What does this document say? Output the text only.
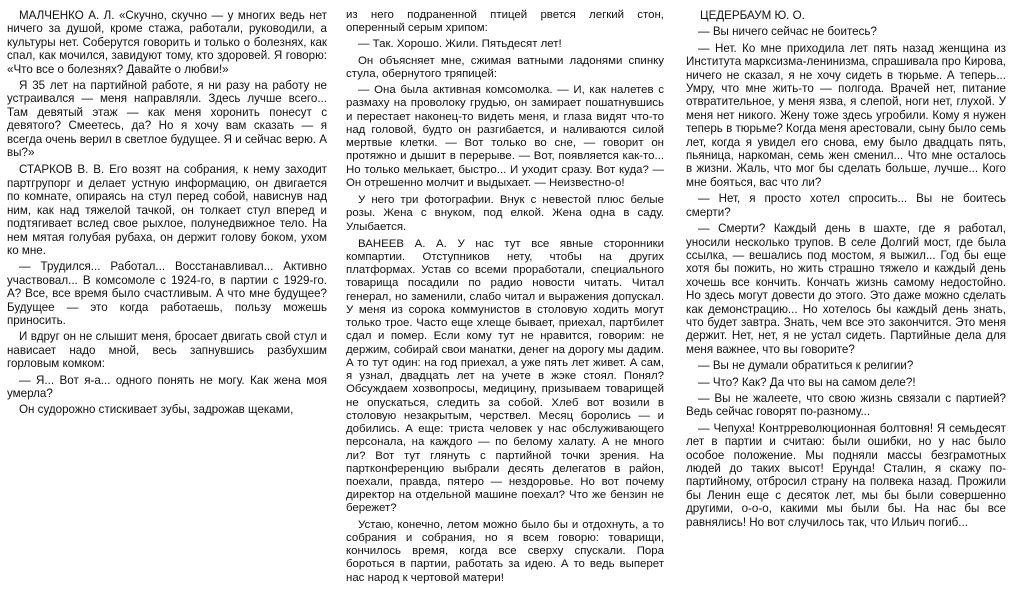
МАЛЧЕНКО А. Л. «Скучно, скучно — у многих ведь нет ничего за душой, кроме стажа, работали, руководили, а культуры нет. Соберутся говорить и только о болезнях, как спал, как мочился, завидуют тому, кто здоровей. Я говорю: «Что все о болезнях? Давайте о любви!»

Я 35 лет на партийной работе, я ни разу на работу не устраивался — меня направляли. Здесь лучше всего... Там девятый этаж — как меня хоронить понесут с девятого? Смеетесь, да? Но я хочу вам сказать — я всегда очень верил в светлое будущее. Я и сейчас верю. А вы?»

СТАРКОВ В. В. Его возят на собрания, к нему заходит партгрупорг и делает устную информацию, он двигается по комнате, опираясь на стул перед собой, нависнув над ним, как над тяжелой тачкой, он толкает стул вперед и подтягивает вслед свое рыхлое, полунедвижное тело. На нем мятая голубая рубаха, он держит голову боком, ухом ко мне.

— Трудился... Работал... Восстанавливал... Активно участвовал... В комсомоле с 1924-го, в партии с 1929-го. А? Все, все время было счастливым. А что мне будущее? Будущее — это когда работаешь, пользу можешь приносить.

И вдруг он не слышит меня, бросает двигать свой стул и нависает надо мной, весь запнувшись разбухшим горловым комком:

— Я... Вот я-а... одного понять не могу. Как жена моя умерла?

Он судорожно стискивает зубы, задрожав щеками,

из него подраненной птицей рвется легкий стон, оперенный серым хрипом:

— Так. Хорошо. Жили. Пятьдесят лет!

Он объясняет мне, сжимая ватными ладонями спинку стула, обернутого тряпицей:

— Она была активная комсомолка. — И, как налетев с размаху на проволоку грудью, он замирает пошатнувшись и перестает наконец-то видеть меня, и глаза видят что-то над головой, будто он разгибается, и наливаются силой мертвые клетки. — Вот только во сне, — говорит он протяжно и дышит в перерыве. — Вот, появляется как-то... Но только мелькает, быстро... И уходит сразу. Вот куда? — Он отрешенно молчит и выдыхает. — Неизвестно-о!

У него три фотографии. Внук с невестой плюс белые розы. Жена с внуком, под елкой. Жена одна в саду. Улыбается.

ВАНЕЕВ А. А. У нас тут все явные сторонники компартии. Отступников нету, чтобы на других платформах. Устав со всеми проработали, специального товарища посадили по радио новости читать. Читал генерал, но заменили, слабо читал и выражения допускал. У меня из сорока коммунистов в столовую ходить могут только трое. Часто еще хлеще бывает, приехал, партбилет сдал и помер. Если кому тут не нравится, говорим: не держим, собирай свои манатки, денег на дорогу мы дадим. А то тут один: на год приехал, а уже пять лет живет. А сам, я узнал, двадцать лет на учете в жэке стоял. Понял? Обсуждаем хозвопросы, медицину, призываем товарищей не опускаться, следить за собой. Хлеб вот возили в столовую незакрытым, черствел. Месяц боролись — и добились. А еще: триста человек у нас обслуживающего персонала, на каждого — по белому халату. А не много ли? Вот тут глянуть с партийной точки зрения. На партконференцию выбрали десять делегатов в район, поехали, правда, пятеро — нездоровье. Но вот почему директор на отдельной машине поехал? Что же бензин не бережет?

Устаю, конечно, летом можно было бы и отдохнуть, а то собрания и собрания, но я всем говорю: товарищи, кончилось время, когда все сверху спускали. Пора бороться в партии, работать за идею. А то ведь выперет нас народ к чертовой матери!

ЦЕДЕРБАУМ Ю. О.

— Вы ничего сейчас не боитесь?

— Нет. Ко мне приходила лет пять назад женщина из Института марксизма-ленинизма, спрашивала про Кирова, ничего не сказал, я не хочу сидеть в тюрьме. А теперь... Умру, что мне жить-то — полгода. Врачей нет, питание отвратительное, у меня язва, я слепой, ноги нет, глухой. У меня нет никого. Жену тоже здесь угробили. Кому я нужен теперь в тюрьме? Когда меня арестовали, сыну было семь лет, когда я увидел его снова, ему было двадцать пять, пьяница, наркоман, семь жен сменил... Что мне осталось в жизни. Жаль, что мог бы сделать больше, лучше... Кого мне бояться, вас что ли?

— Нет, я просто хотел спросить... Вы не боитесь смерти?

— Смерти? Каждый день в шахте, где я работал, уносили несколько трупов. В селе Долгий мост, где была ссылка, — вешались под мостом, я выжил... Год бы еще хотя бы пожить, но жить страшно тяжело и каждый день хочешь все кончить. Кончать жизнь самому недостойно. Но здесь могут довести до этого. Это даже можно сделать как демонстрацию... Но хотелось бы каждый день знать, что будет завтра. Знать, чем все это закончится. Это меня держит. Нет, нет, я не устал сидеть. Партийные дела для меня важнее, что вы говорите?

— Вы не думали обратиться к религии?

— Что? Как? Да что вы на самом деле?!

— Вы не жалеете, что свою жизнь связали с партией? Ведь сейчас говорят по-разному...

— Чепуха! Контрреволюционная болтовня! Я семьдесят лет в партии и считаю: были ошибки, но у нас было особое положение. Мы подняли массы безграмотных людей до таких высот! Ерунда! Сталин, я скажу по-партийному, отбросил страну на полвека назад. Прожили бы Ленин еще с десяток лет, мы бы были совершенно другими, о-о-о, какими мы были бы. На нас бы все равнялись! Но вот случилось так, что Ильич погиб...
